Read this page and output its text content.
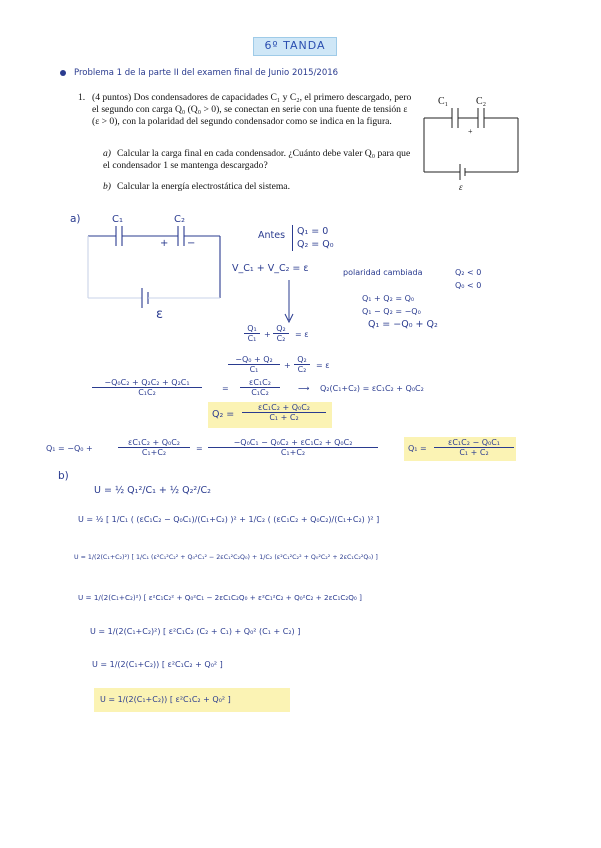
6º TANDA
Problema 1 de la parte II del examen final de Junio 2015/2016
1. (4 puntos) Dos condensadores de capacidades C₁ y C₂, el primero descargado, pero el segundo con carga Q₀ (Q₀ > 0), se conectan en serie con una fuente de tensión ε (ε > 0), con la polaridad del segundo condensador como se indica en la figura.
a) Calcular la carga final en cada condensador. ¿Cuánto debe valer Q₀ para que el condensador 1 se mantenga descargado?
b) Calcular la energía electrostática del sistema.
C₁	C₂
+
ε
a)	C₁	C₂
+ −
ε
Antes Q₁ = 0
Q₂ = Q₀
V_C₁ + V_C₂ = ε	polaridad cambiada	Q₂ < 0
Q₀ < 0
Q₁ + Q₂ = Q₀
Q₁ − Q₂ = −Q₀
Q₁ = −Q₀ + Q₂
$\frac{\text{Q₁}}{\text{C₁}} + \frac{\text{Q₂}}{\text{C₂}} = \varepsilon$
$\frac{\text{−Q₀ + Q₂}}{\text{C₁}} + \frac{\text{Q₂}}{\text{C₂}} = \varepsilon$
$\frac{\text{−Q₀C₂ + Q₂C₂ + Q₂C₁}}{\text{C₁C₂}}$	= $\frac{\text{εC₁C₂}}{\text{C₁C₂}}$ ⟶ Q₂(C₁+C₂) = εC₁C₂ + Q₀C₂
$Q_2 = \frac{\text{εC₁C₂ + Q₀C₂}}{\text{C₁ + C₂}}$
Q₁ = −Q₀ +	$\frac{\text{εC₁C₂ + Q₀C₂}}{\text{C₁+C₂}} = \frac{\text{−Q₀C₁ − Q₀C₂ + εC₁C₂ + Q₀C₂}}{\text{C₁+C₂}}$	$Q_1 = \frac{\text{εC₁C₂ − Q₀C₁}}{\text{C₁ + C₂}}$
b)
U = ½ Q₁²/C₁ + ½ Q₂²/C₂
U = ½ [ 1/C₁ ( (εC₁C₂ − Q₀C₁)/(C₁+C₂) )² + 1/C₂ ( (εC₁C₂ + Q₀C₂)/(C₁+C₂) )² ]
U = 1/(2(C₁+C₂)²) [ 1/C₁ (ε²C₁²C₂² + Q₀²C₁² − 2εC₁²C₂Q₀) + 1/C₂ (ε²C₁²C₂² + Q₀²C₂² + 2εC₁C₂²Q₀) ]
U = 1/(2(C₁+C₂)²) [ ε²C₁C₂² + Q₀²C₁ − 2εC₁C₂Q₀ + ε²C₁²C₂ + Q₀²C₂ + 2εC₁C₂Q₀ ]
U = 1/(2(C₁+C₂)²) [ ε²C₁C₂ (C₂ + C₁) + Q₀² (C₁ + C₂) ]
U = 1/(2(C₁+C₂)) [ ε²C₁C₂ + Q₀² ]
U = 1/(2(C₁+C₂)) [ ε²C₁C₂ + Q₀² ]
